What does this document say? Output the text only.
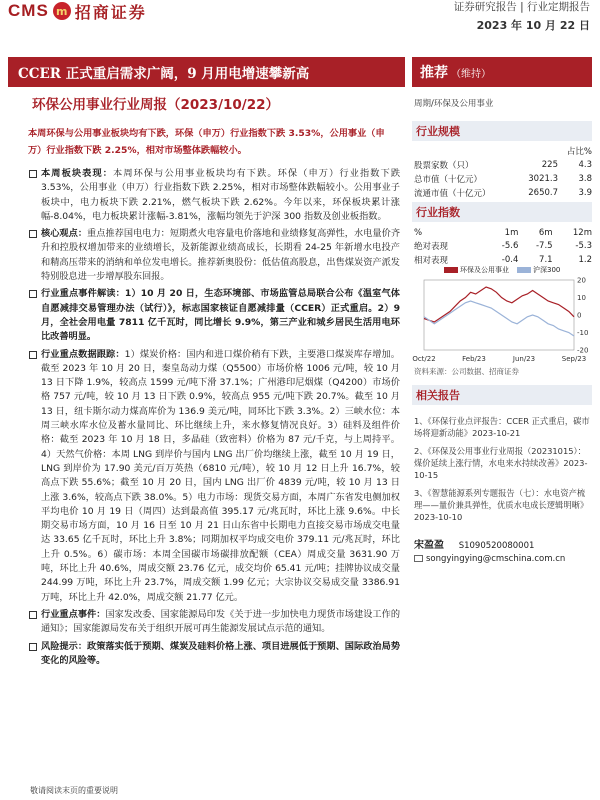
CMS m 招商证券	证券研究报告 | 行业定期报告
2023 年 10 月 22 日
CCER 正式重启需求广阔，9 月用电增速攀新高	推荐 （维持）
环保公用事业行业周报（2023/10/22）	周期/环保及公用事业
本周环保与公用事业板块均有下跌，环保（申万）行业指数下跌 3.53%，公用事业（申万）行业指数下跌 2.25%，相对市场整体跌幅较小。
本周板块表现：本周环保与公用事业板块均有下跌。环保（申万）行业指数下跌 3.53%，公用事业（申万）行业指数下跌 2.25%，相对市场整体跌幅较小。公用事业子板块中，电力板块下跌 2.21%，燃气板块下跌 2.62%。今年以来，环保板块累计涨幅-8.04%，电力板块累计涨幅-3.81%，涨幅均领先于沪深 300 指数及创业板指数。
核心观点：重点推荐国电电力：短期煮火电容量电价落地和业绩修复高弹性，水电量价齐升和控股权增加带来的业绩增长，及新能源业绩高成长，长期看 24-25 年新增水电投产和精高压带来的消纳和单位发电增长。推荐新奥股份：低估值高股息，出售煤炭资产派发特别股息进一步增厚股东回报。
行业重点事件解读：1）10 月 20 日，生态环境部、市场监管总局联合公布《温室气体自愿减排交易管理办法（试行）》，标志国家核证自愿减排量（CCER）正式重启。2）9 月，全社会用电量 7811 亿千瓦时，同比增长 9.9%，第三产业和城乡居民生活用电环比改善明显。
行业重点数据跟踪：1）煤炭价格：国内和进口煤价稍有下跌，主要港口煤炭库存增加。截至 2023 年 10 月 20 日，秦皇岛动力煤（Q5500）市场价格 1006 元/吨，较 10 月 13 日下降 1.9%，较高点 1599 元/吨下滑 37.1%；广州港印尼烟煤（Q4200）市场价格 757 元/吨，较 10 月 13 日下跌 0.9%，较高点 955 元/吨下跌 20.7%。截至 10 月 13 日，纽卡斯尔动力煤高库价为 136.9 美元/吨，同环比下跌 3.3%。2）三峡水位：本周三峡水库水位及蓄水量同比、环比继续上升，来水修复情况良好。3）硅料及组件价格：截至 2023 年 10 月 18 日，多晶硅（致密料）价格为 87 元/千克，与上周持平。4）天然气价格：本周 LNG 到岸价与国内 LNG 出厂价均继续上涨，截至 10 月 19 日，LNG 到岸价为 17.90 美元/百万英热（6810 元/吨），较 10 月 12 日上升 16.7%，较高点下跌 55.6%；截至 10 月 20 日，国内 LNG 出厂价 4839 元/吨，较 10 月 13 日上涨 3.6%，较高点下跌 38.0%。5）电力市场：现货交易方面，本周广东省发电侧加权平均电价 10 月 19 日（周四）达到最高值 395.17 元/兆瓦时，环比上涨 9.6%。中长期交易市场方面，10 月 16 日至 10 月 21 日山东省中长期电力直接交易市场成交电量达 33.65 亿千瓦时，环比上升 3.8%；同期加权平均成交电价 379.11 元/兆瓦时，环比上升 0.5%。6）碳市场：本周全国碳市场碳排放配额（CEA）周成交量 3631.90 万吨，环比上升 40.6%，周成交额 23.76 亿元，成交均价 65.41 元/吨；挂牌协议成交量 244.99 万吨，环比上升 23.7%，周成交额 1.99 亿元；大宗协议交易成交量 3386.91 万吨，环比上升 42.0%，周成交额 21.77 亿元。
行业重点事件：国家发改委、国家能源局印发《关于进一步加快电力现货市场建设工作的通知》；国家能源局发布关于组织开展可再生能源发展试点示范的通知。
风险提示：政策落实低于预期、煤炭及硅料价格上涨、项目进展低于预期、国际政治局势变化的风险等。
行业规模
		占比%
股票家数（只）	225	4.3
总市值（十亿元）	3021.3	3.8
流通市值（十亿元）	2650.7	3.9
行业指数
%	1m	6m	12m
绝对表现	-5.6	-7.5	-5.3
相对表现	-0.4	7.1	1.2
环保及公用事业	沪深300
20
10
0
-10
-20
Oct/22	Feb/23	Jun/23	Sep/23
资料来源：公司数据、招商证券
相关报告
1、《环保行业点评报告：CCER 正式重启，碳市场将迎新动能》2023-10-21
2、《环保及公用事业行业周报（20231015）：煤价延续上涨行情，水电来水持续改善》2023-10-15
3、《智慧能源系列专题报告（七）：水电资产梳理——量价兼具弹性，优质水电成长逻辑明晰》2023-10-10
宋盈盈 S1090520080001
songyingying@cmschina.com.cn
敬请阅读末页的重要说明
